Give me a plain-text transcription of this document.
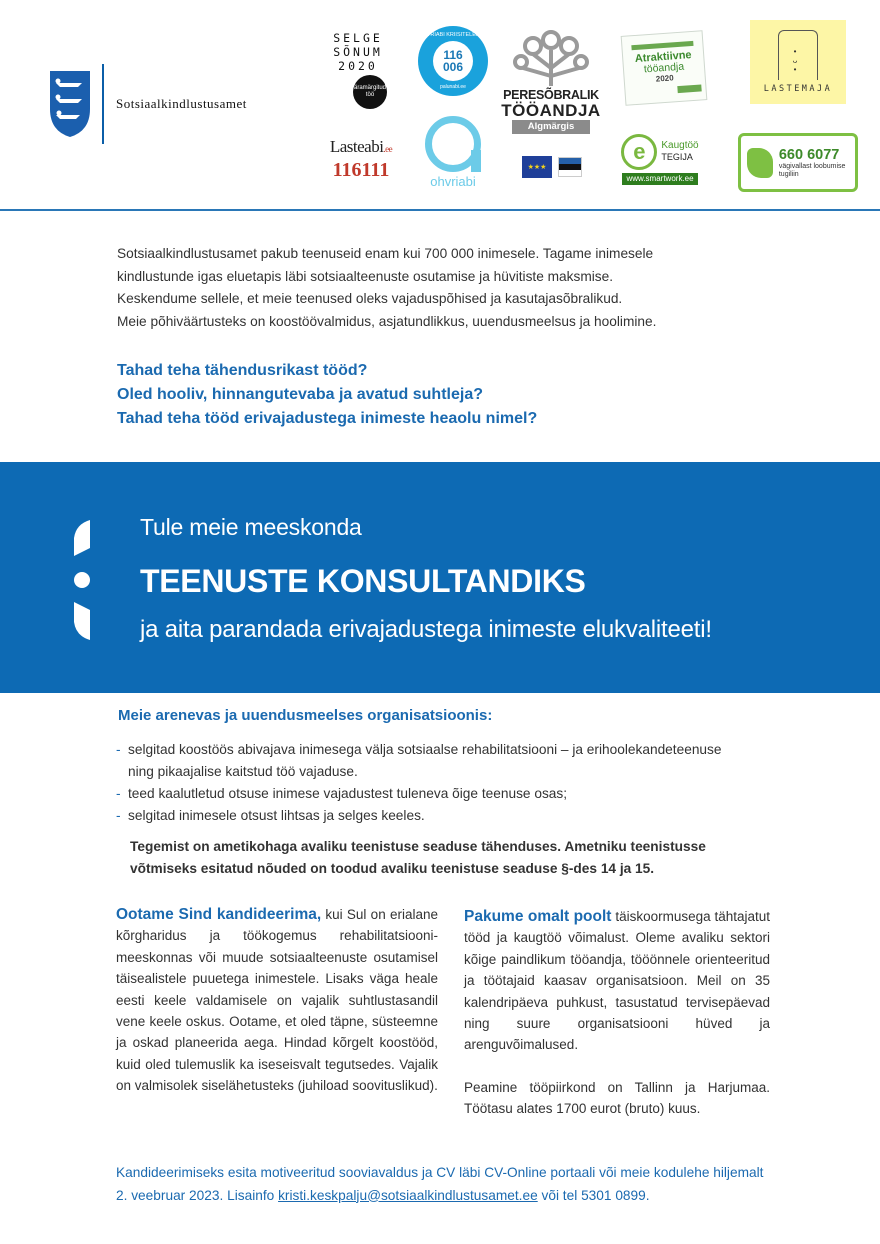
Sotsiaalkindlustusamet
SELGE
SÕNUM
2020
äramärgitud töö
OHVRIABI KRIISITELEFON
116
006
palunabi.ee
PERESÕBRALIK
TÖÖANDJA
Algmärgis
Atraktiivne
tööandja
2020
• ᴗ •
LASTEMAJA
Lasteabi.ee
116111	ohvriabi
★★★
e	Kaugtöö
TEGIJA
www.smartwork.ee
660 6077
vägivallast loobumise tugiliin
Sotsiaalkindlustusamet pakub teenuseid enam kui 700 000 inimesele. Tagame inimesele
kindlustunde igas eluetapis läbi sotsiaalteenuste osutamise ja hüvitiste maksmise.
Keskendume sellele, et meie teenused oleks vajaduspõhised ja kasutajasõbralikud.
Meie põhiväärtusteks on koostöövalmidus, asjatundlikkus, uuendusmeelsus ja hoolimine.
Tahad teha tähendusrikast tööd?
Oled hooliv, hinnangutevaba ja avatud suhtleja?
Tahad teha tööd erivajadustega inimeste heaolu nimel?
Tule meie meeskonda
TEENUSTE KONSULTANDIKS
ja aita parandada erivajadustega inimeste elukvaliteeti!
Meie arenevas ja uuendusmeelses organisatsioonis:
- selgitad koostöös abivajava inimesega välja sotsiaalse rehabilitatsiooni – ja erihoolekandeteenuse
ning pikaajalise kaitstud töö vajaduse.
- teed kaalutletud otsuse inimese vajadustest tuleneva õige teenuse osas;
- selgitad inimesele otsust lihtsas ja selges keeles.
Tegemist on ametikohaga avaliku teenistuse seaduse tähenduses. Ametniku teenistusse võtmiseks esitatud nõuded on toodud avaliku teenistuse seaduse §-des 14 ja 15.

Ootame Sind kandideerima, kui Sul on erialane kõrgharidus ja töökogemus rehabilitatsiooni-meeskonnas või muude sotsiaalteenuste osutamisel täisealistele puuetega inimestele. Lisaks väga heale eesti keele valdamisele on vajalik suhtlustasandil vene keele oskus. Ootame, et oled täpne, süsteemne ja oskad planeerida aega. Hindad kõrgelt koostööd, kuid oled tulemuslik ka iseseisvalt tegutsedes. Vajalik on valmisolek siselähetusteks (juhiload soovituslikud).

Pakume omalt poolt täiskoormusega tähtajatut tööd ja kaugtöö võimalust. Oleme avaliku sektori kõige paindlikum tööandja, tööönnele orienteeritud ja töötajaid kaasav organisatsioon. Meil on 35 kalendripäeva puhkust, tasustatud tervisepäevad ning suure organisatsiooni hüved ja arenguvõimalused.

Peamine tööpiirkond on Tallinn ja Harjumaa. Töötasu alates 1700 eurot (bruto) kuus.

Kandideerimiseks esita motiveeritud sooviavaldus ja CV läbi CV-Online portaali või meie kodulehe hiljemalt 2. veebruar 2023. Lisainfo kristi.keskpalju@sotsiaalkindlustusamet.ee või tel 5301 0899.
